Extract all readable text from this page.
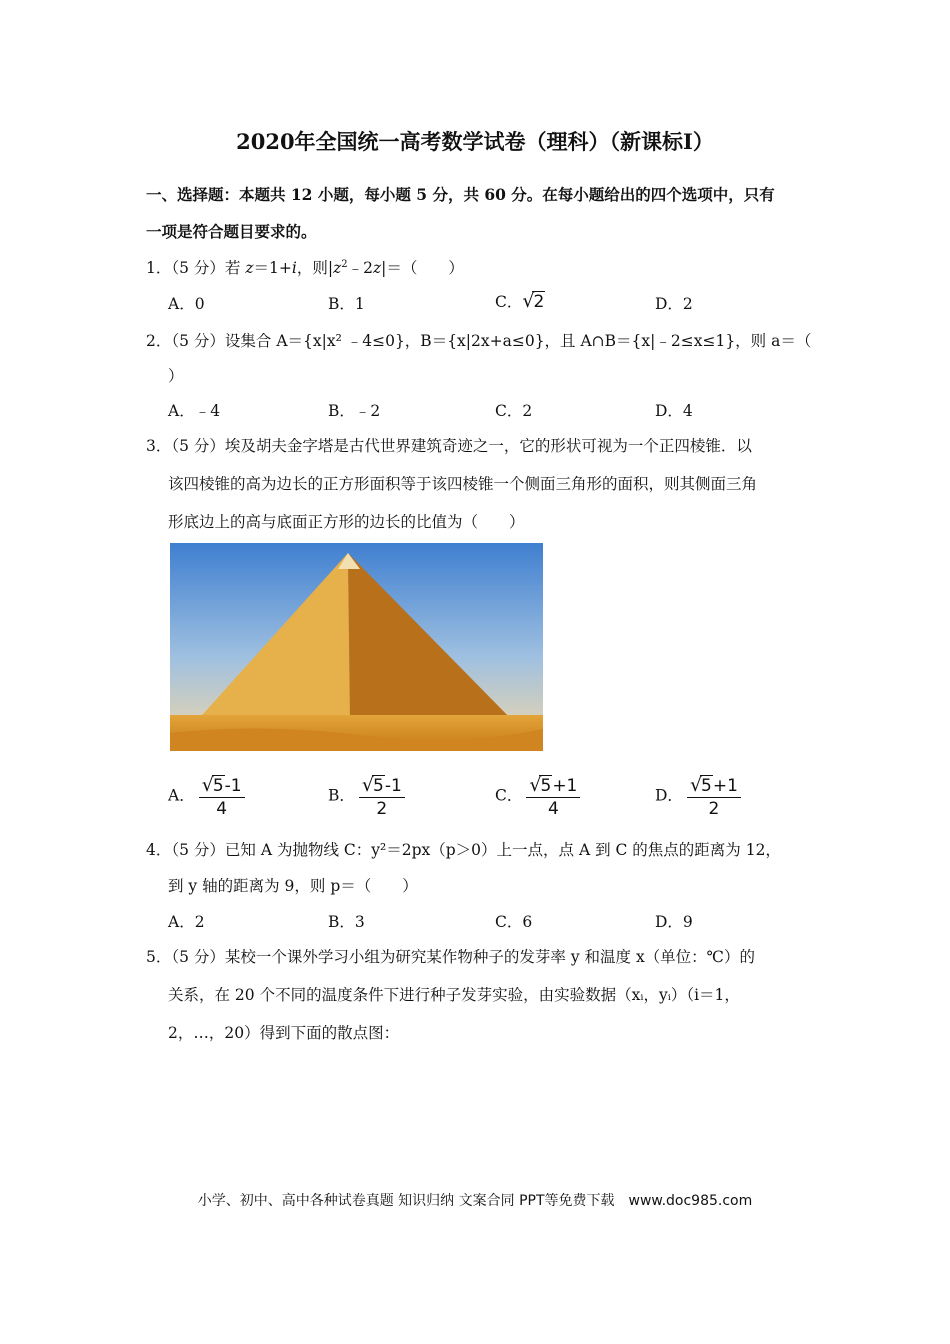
2020年全国统一高考数学试卷（理科）（新课标Ⅰ）
一、选择题：本题共 12 小题，每小题 5 分，共 60 分。在每小题给出的四个选项中，只有
一项是符合题目要求的。
1．（5 分）若 z＝1+i，则$|z^2﹣2z|=$（　　）
A．0	B．1	C．√2	D．2
2．（5 分）设集合 A＝{x|x² ﹣4≤0}，B＝{x|2x+a≤0}，且 A∩B＝{x|﹣2≤x≤1}，则 a＝（
）
A．﹣4	B．﹣2	C．2	D．4
3．（5 分）埃及胡夫金字塔是古代世界建筑奇迹之一，它的形状可视为一个正四棱锥．以
该四棱锥的高为边长的正方形面积等于该四棱锥一个侧面三角形的面积，则其侧面三角
形底边上的高与底面正方形的边长的比值为（　　）
A． $\frac{√5-1}{4}$	B． $\frac{√5-1}{2}$	C． $\frac{√5+1}{4}$	D． $\frac{√5+1}{2}$
4．（5 分）已知 A 为抛物线 C：y²＝2px（p＞0）上一点，点 A 到 C 的焦点的距离为 12，
到 y 轴的距离为 9，则 p＝（　　）
A．2	B．3	C．6	D．9
5．（5 分）某校一个课外学习小组为研究某作物种子的发芽率 y 和温度 x（单位：℃）的
关系，在 20 个不同的温度条件下进行种子发芽实验，由实验数据（xᵢ，yᵢ）（i＝1，
2，…，20）得到下面的散点图：
小学、初中、高中各种试卷真题 知识归纳 文案合同 PPT等免费下载　www.doc985.com
